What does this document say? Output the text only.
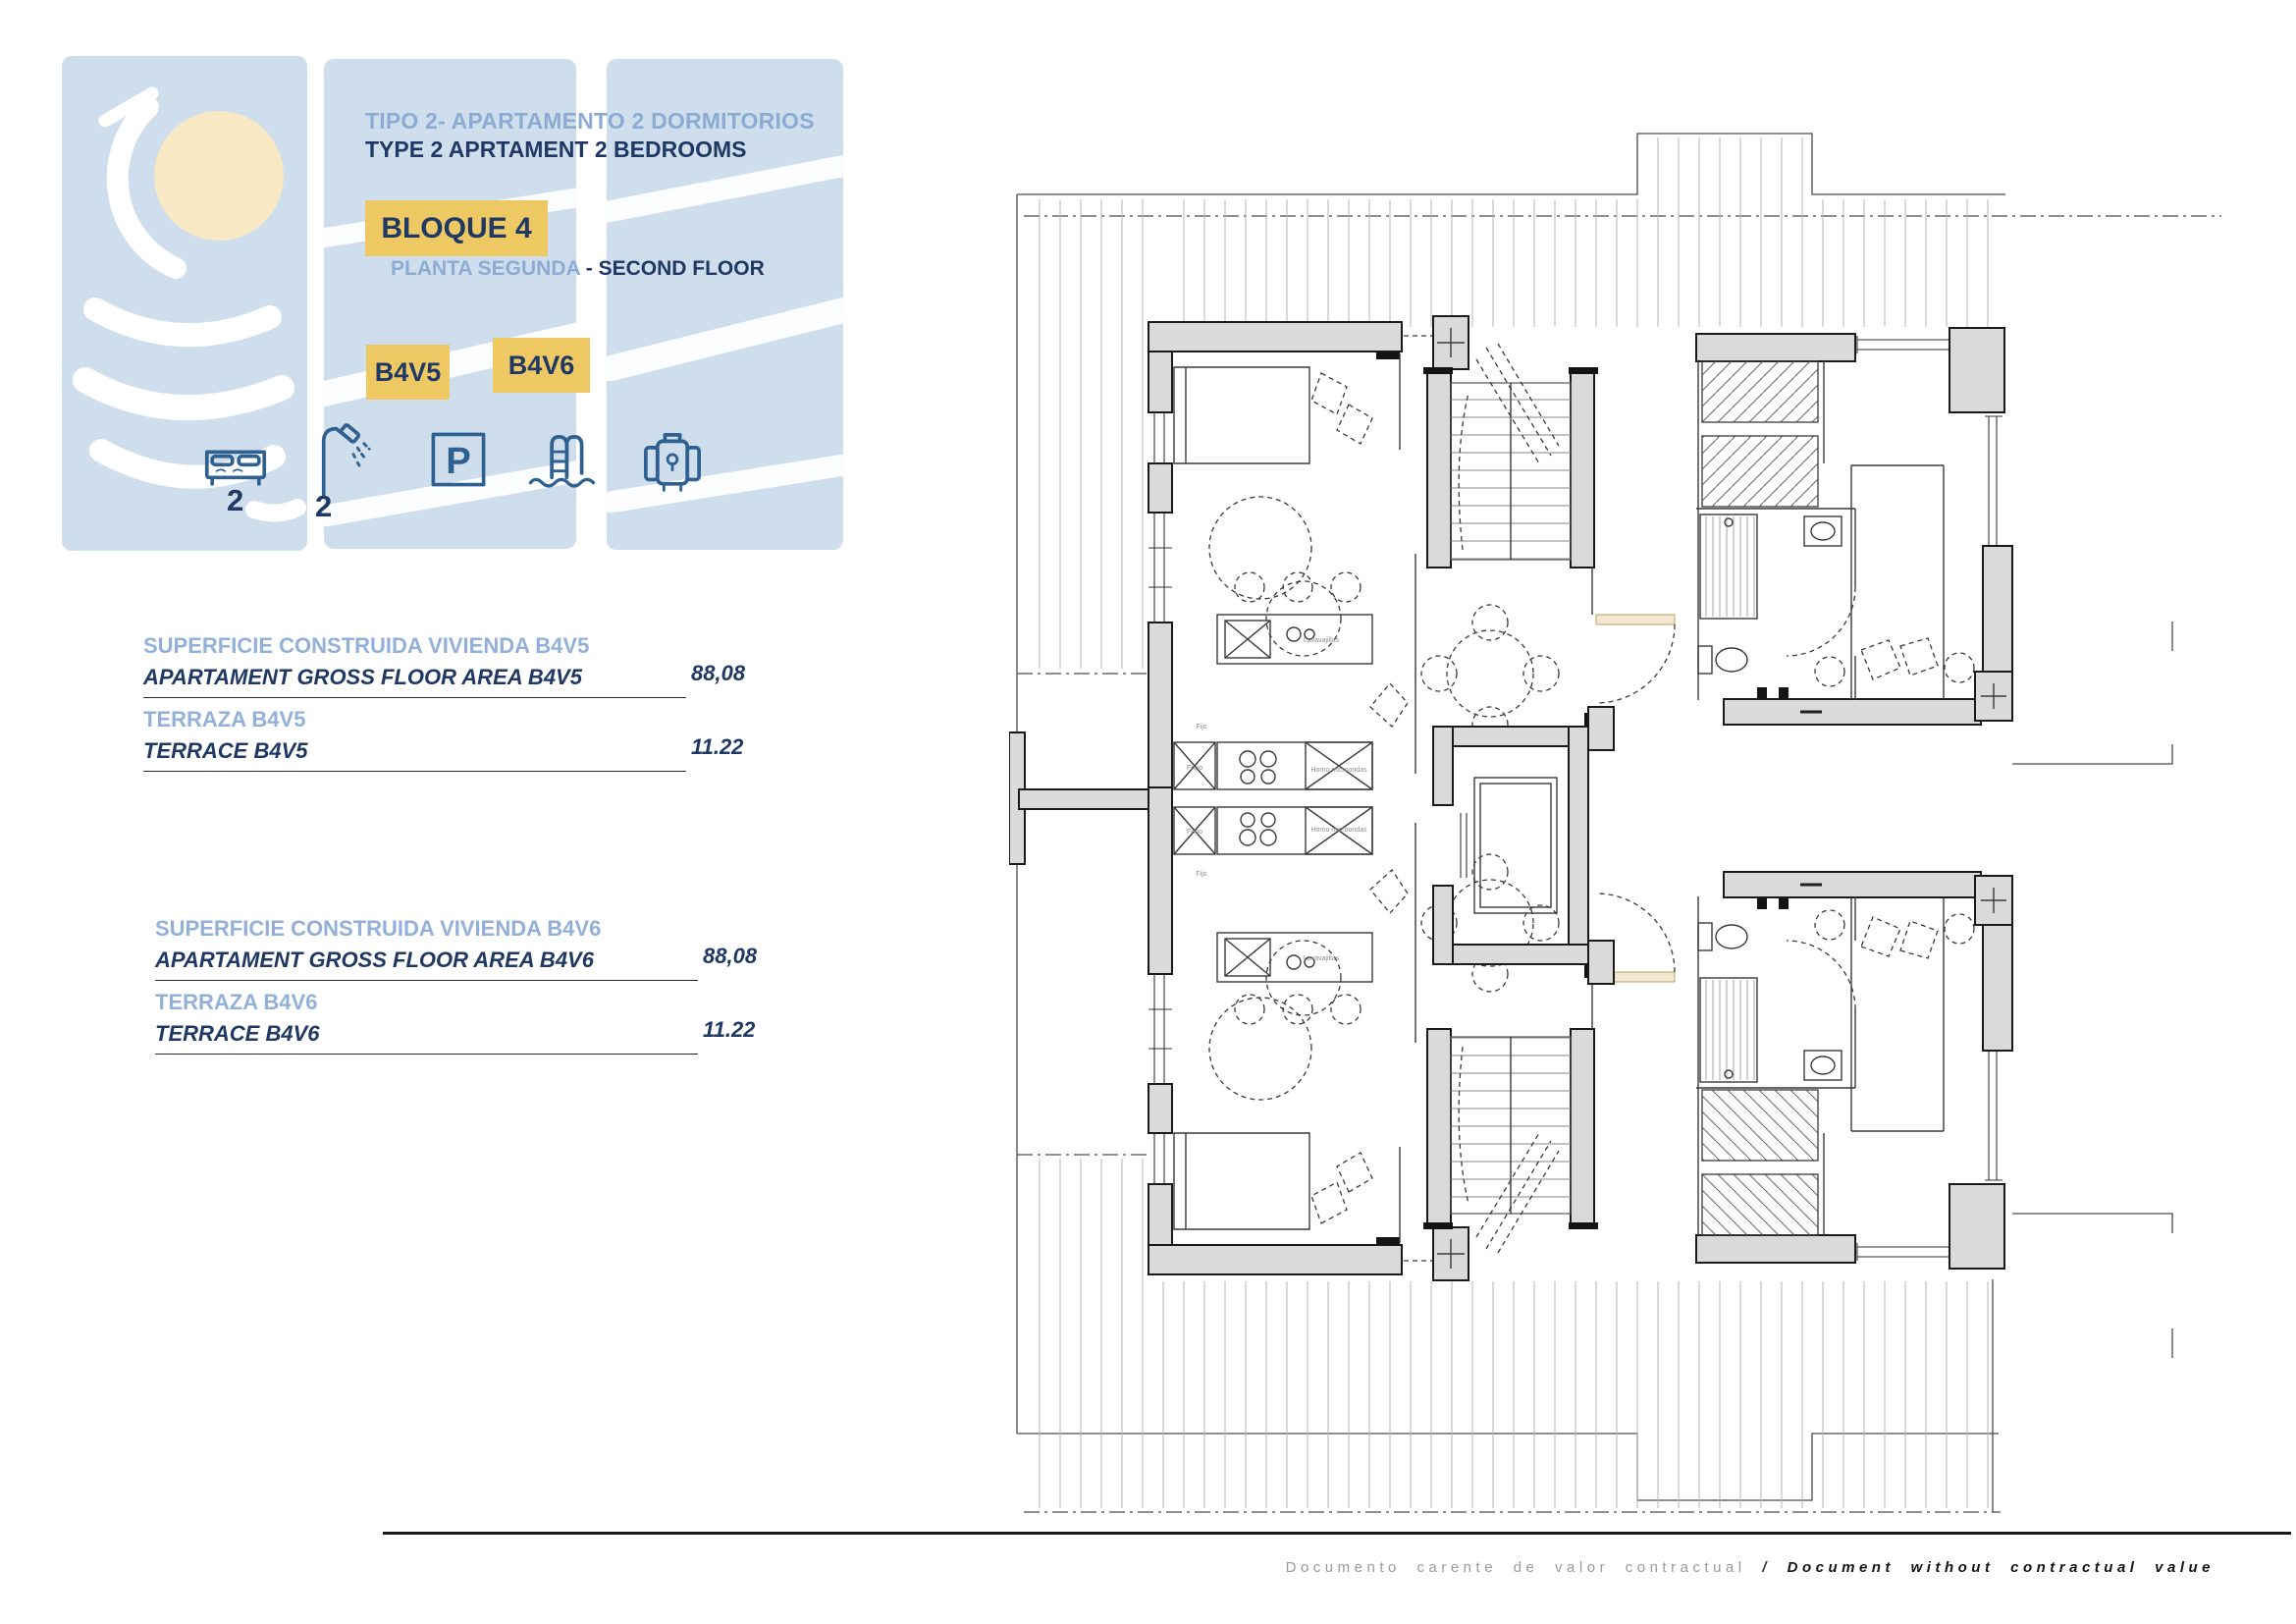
TIPO 2- APARTAMENTO 2 DORMITORIOS
TYPE 2 APRTAMENT 2 BEDROOMS
BLOQUE 4
PLANTA SEGUNDA - SECOND FLOOR
B4V5	B4V6
2 2
P
SUPERFICIE CONSTRUIDA VIVIENDA B4V5
APARTAMENT GROSS FLOOR AREA B4V5	88,08
TERRAZA B4V5
TERRACE B4V5	11.22
SUPERFICIE CONSTRUIDA VIVIENDA B4V6
APARTAMENT GROSS FLOOR AREA B4V6	88,08
TERRAZA B4V6
TERRACE B4V6	11.22
Frigo
Frigo
Lavavajillas
Lavavajillas
Horno microondas
Horno microondas
Fijo
Fijo
Documento carente de valor contractual / Document without contractual value
